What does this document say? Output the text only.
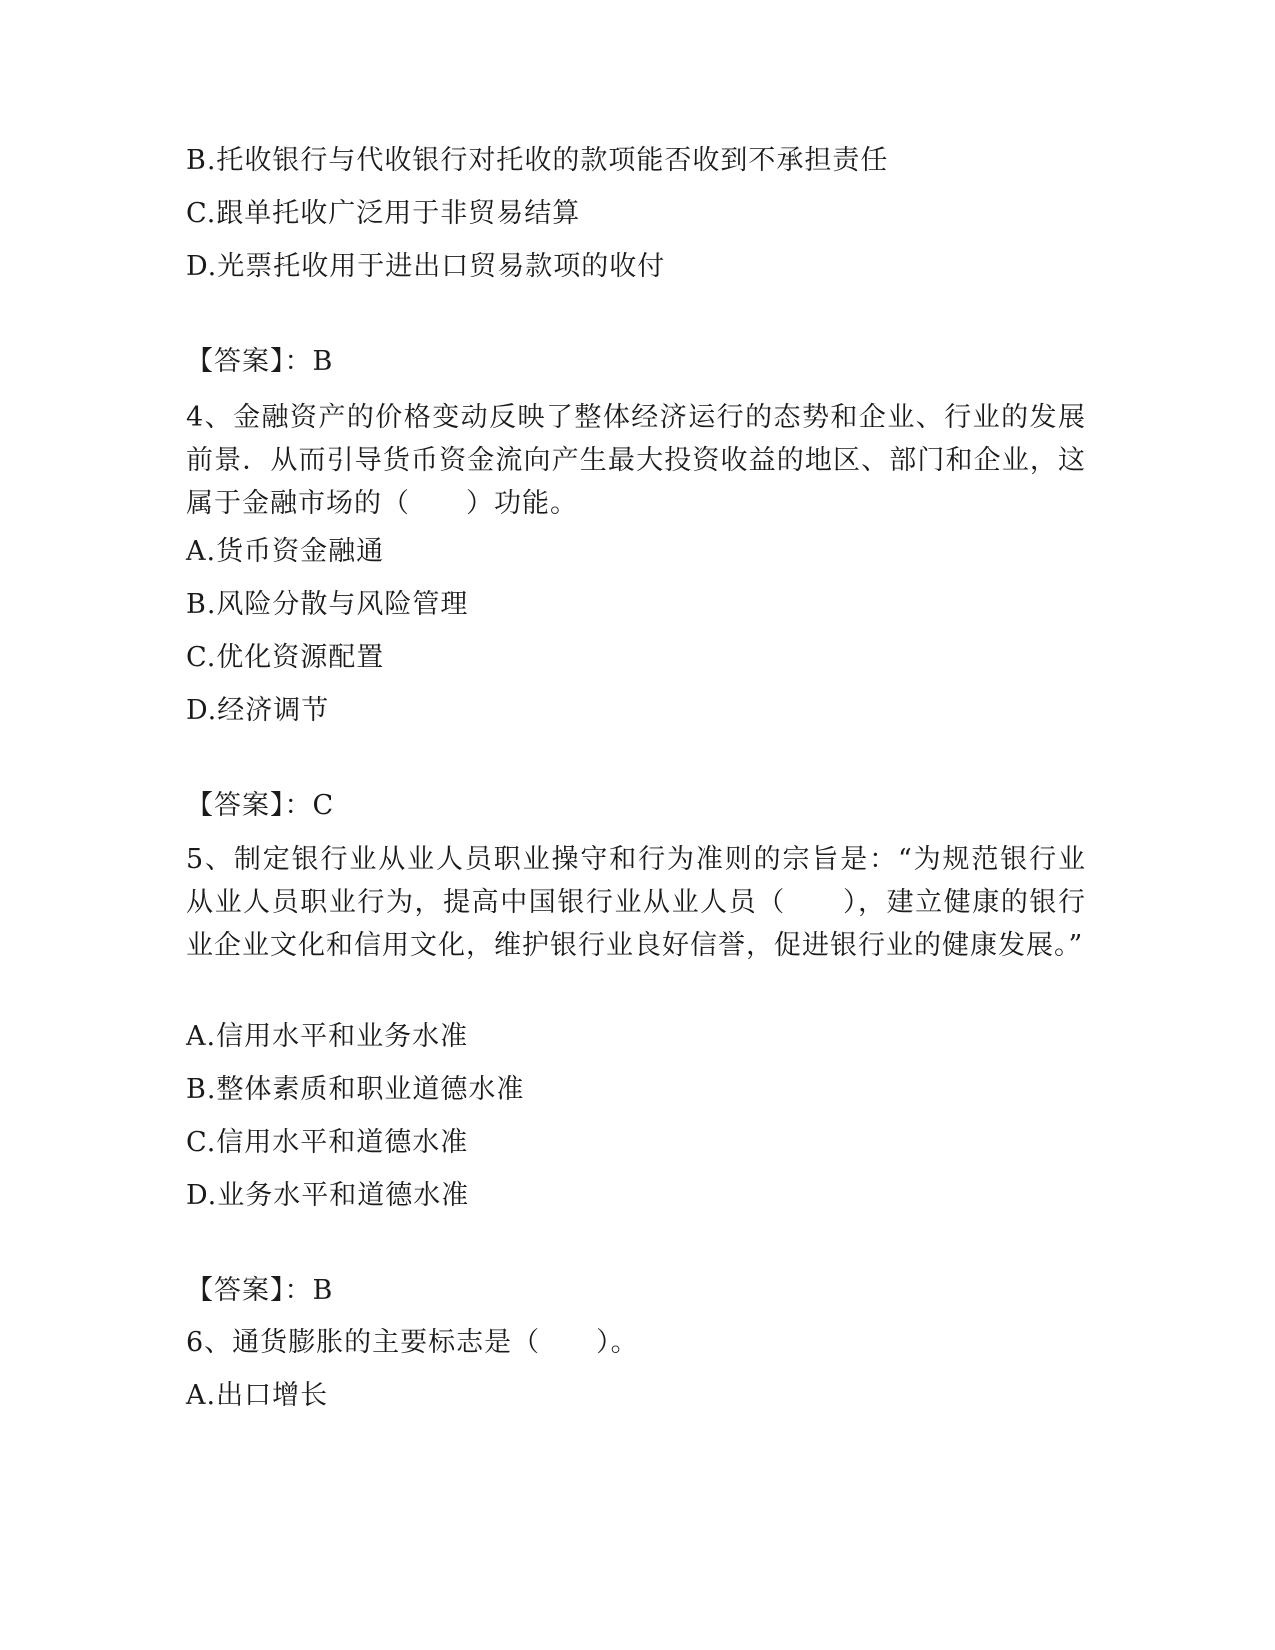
B.托收银行与代收银行对托收的款项能否收到不承担责任
C.跟单托收广泛用于非贸易结算
D.光票托收用于进出口贸易款项的收付
【答案】：B
4、金融资产的价格变动反映了整体经济运行的态势和企业、行业的发展前景．从而引导货币资金流向产生最大投资收益的地区、部门和企业，这属于金融市场的（　　）功能。
A.货币资金融通
B.风险分散与风险管理
C.优化资源配置
D.经济调节
【答案】：C
5、制定银行业从业人员职业操守和行为准则的宗旨是：“为规范银行业从业人员职业行为，提高中国银行业从业人员（　　），建立健康的银行业企业文化和信用文化，维护银行业良好信誉，促进银行业的健康发展。”
A.信用水平和业务水准
B.整体素质和职业道德水准
C.信用水平和道德水准
D.业务水平和道德水准
【答案】：B
6、通货膨胀的主要标志是（　　）。
A.出口增长
